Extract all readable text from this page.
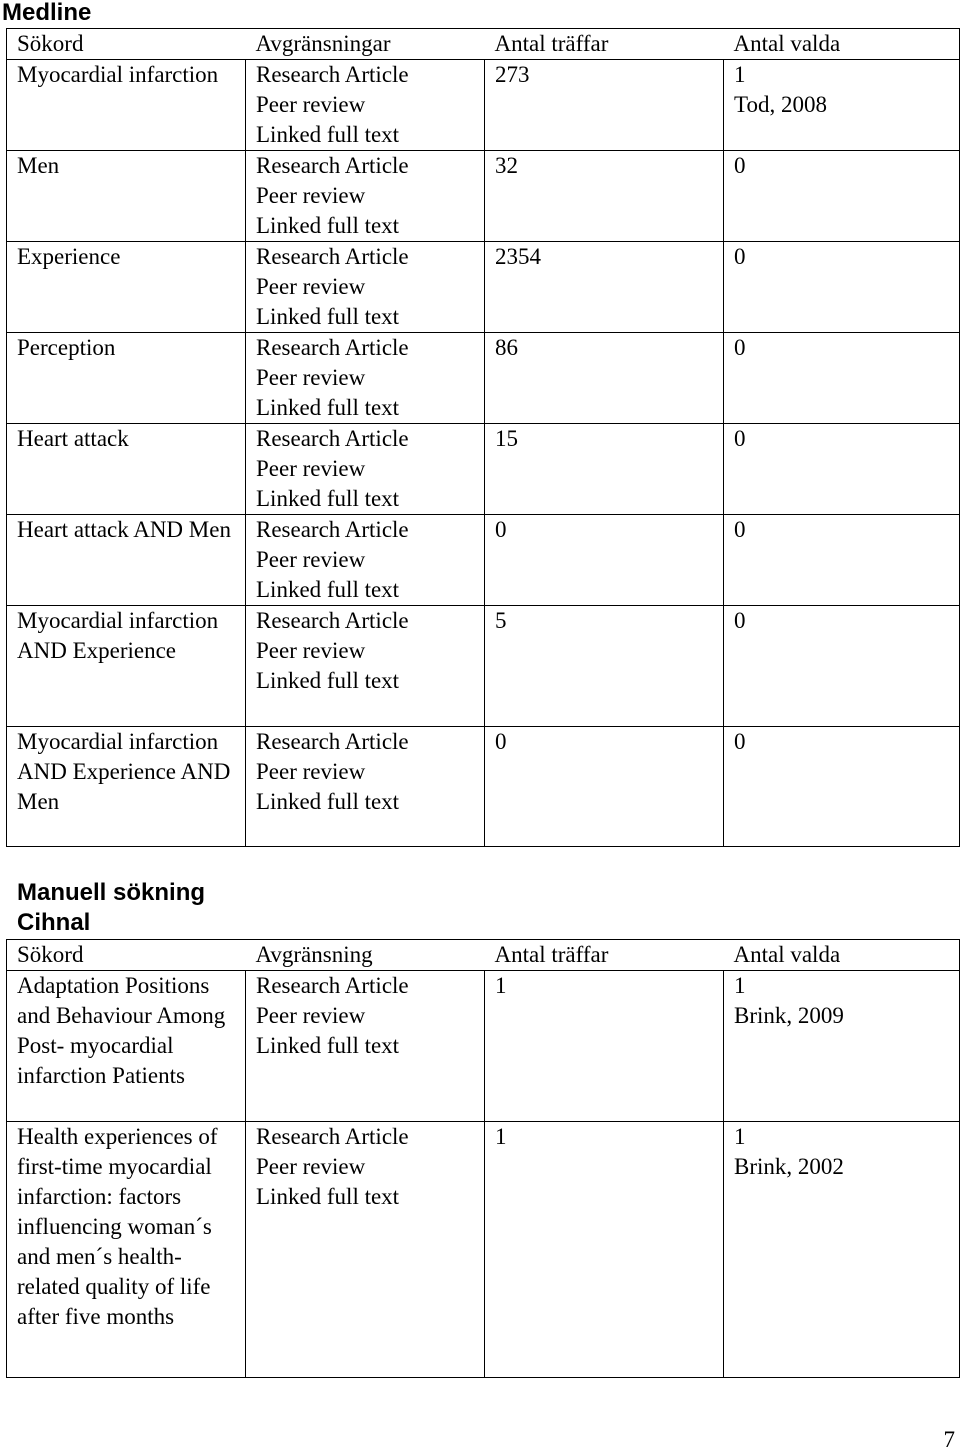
Medline
Sökord	Avgränsningar	Antal träffar	Antal valda
Myocardial infarction	Research Article
Peer review
Linked full text	273	1
Tod, 2008

Men	Research Article
Peer review
Linked full text	32	0

Experience	Research Article
Peer review
Linked full text	2354	0

Perception	Research Article
Peer review
Linked full text	86	0

Heart attack	Research Article
Peer review
Linked full text	15	0

Heart attack AND Men	Research Article
Peer review
Linked full text	0	0

Myocardial infarction AND Experience	Research Article
Peer review
Linked full text	5	0

Myocardial infarction AND Experience AND Men	Research Article
Peer review
Linked full text	0	0
Manuell sökning
Cihnal
Sökord	Avgränsning	Antal träffar	Antal valda
Adaptation Positions and Behaviour Among Post- myocardial infarction Patients	Research Article
Peer review
Linked full text	1	1
Brink, 2009

Health experiences of first-time myocardial infarction: factors influencing woman´s and men´s health-related quality of life after five months	Research Article
Peer review
Linked full text	1	1
Brink, 2002
7
